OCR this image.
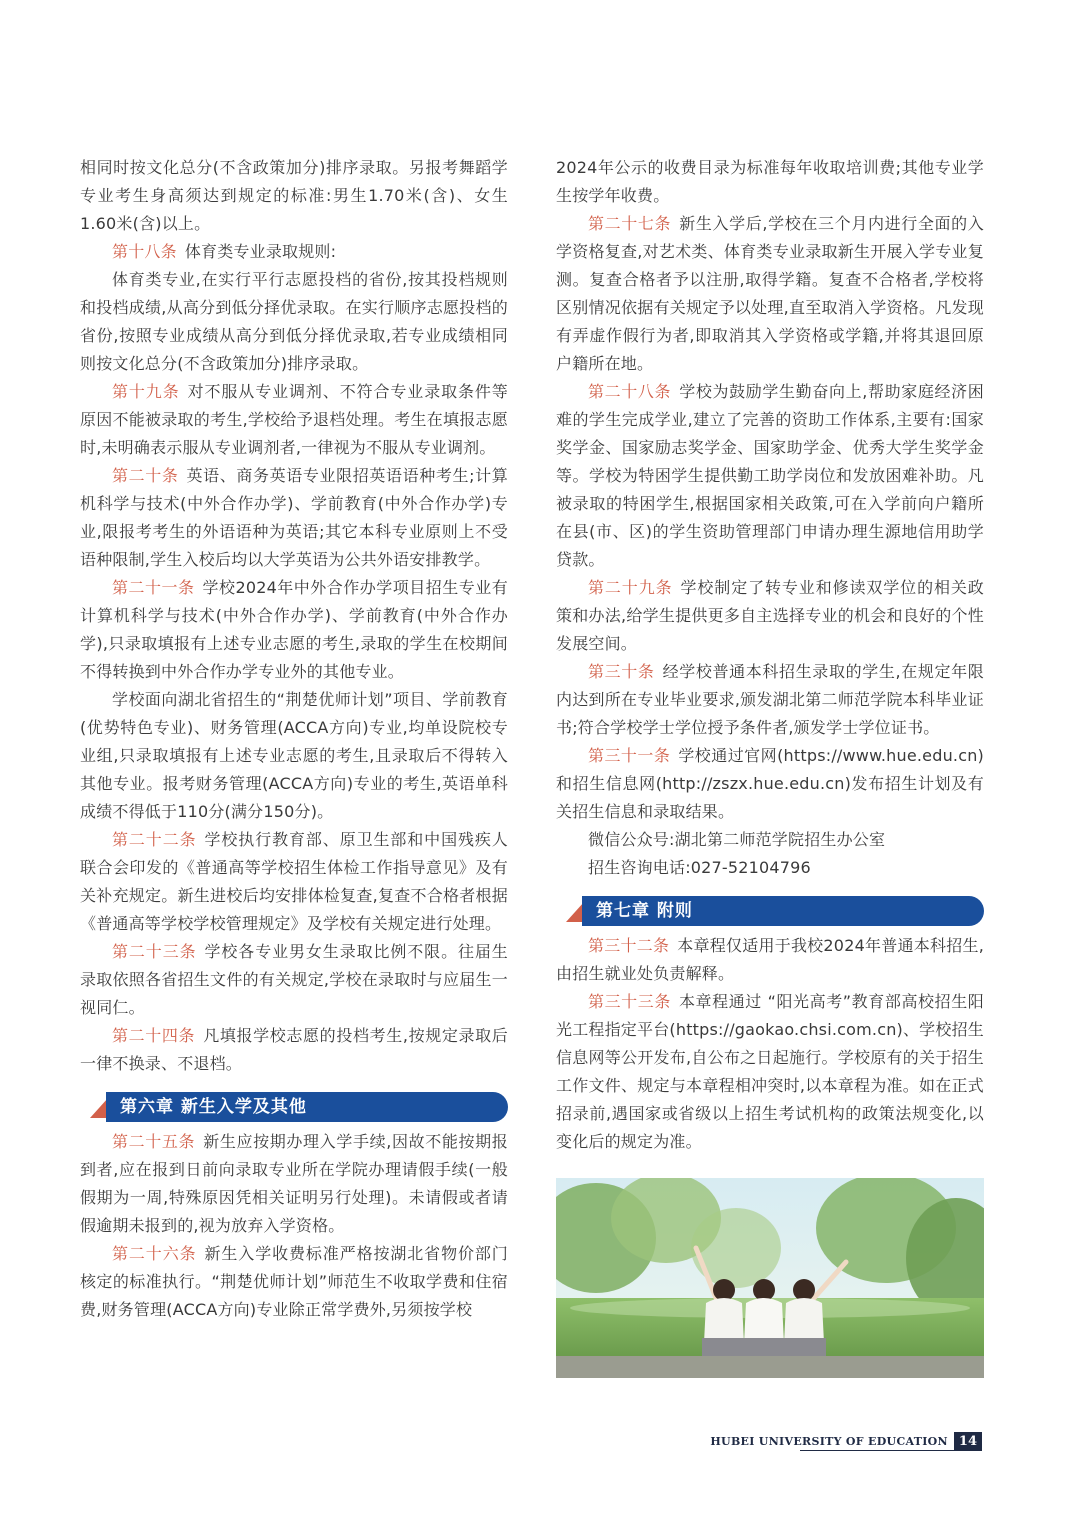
相同时按文化总分(不含政策加分)排序录取。另报考舞蹈学专业考生身高须达到规定的标准:男生1.70米(含)、女生1.60米(含)以上。

第十八条 体育类专业录取规则:

体育类专业,在实行平行志愿投档的省份,按其投档规则和投档成绩,从高分到低分择优录取。在实行顺序志愿投档的省份,按照专业成绩从高分到低分择优录取,若专业成绩相同则按文化总分(不含政策加分)排序录取。

第十九条 对不服从专业调剂、不符合专业录取条件等原因不能被录取的考生,学校给予退档处理。考生在填报志愿时,未明确表示服从专业调剂者,一律视为不服从专业调剂。

第二十条 英语、商务英语专业限招英语语种考生;计算机科学与技术(中外合作办学)、学前教育(中外合作办学)专业,限报考考生的外语语种为英语;其它本科专业原则上不受语种限制,学生入校后均以大学英语为公共外语安排教学。

第二十一条 学校2024年中外合作办学项目招生专业有计算机科学与技术(中外合作办学)、学前教育(中外合作办学),只录取填报有上述专业志愿的考生,录取的学生在校期间不得转换到中外合作办学专业外的其他专业。

学校面向湖北省招生的“荆楚优师计划”项目、学前教育(优势特色专业)、财务管理(ACCA方向)专业,均单设院校专业组,只录取填报有上述专业志愿的考生,且录取后不得转入其他专业。报考财务管理(ACCA方向)专业的考生,英语单科成绩不得低于110分(满分150分)。

第二十二条 学校执行教育部、原卫生部和中国残疾人联合会印发的《普通高等学校招生体检工作指导意见》及有关补充规定。新生进校后均安排体检复查,复查不合格者根据《普通高等学校学校管理规定》及学校有关规定进行处理。

第二十三条 学校各专业男女生录取比例不限。往届生录取依照各省招生文件的有关规定,学校在录取时与应届生一视同仁。

第二十四条 凡填报学校志愿的投档考生,按规定录取后一律不换录、不退档。

第六章 新生入学及其他

第二十五条 新生应按期办理入学手续,因故不能按期报到者,应在报到日前向录取专业所在学院办理请假手续(一般假期为一周,特殊原因凭相关证明另行处理)。未请假或者请假逾期未报到的,视为放弃入学资格。

第二十六条 新生入学收费标准严格按湖北省物价部门核定的标准执行。“荆楚优师计划”师范生不收取学费和住宿费,财务管理(ACCA方向)专业除正常学费外,另须按学校

2024年公示的收费目录为标准每年收取培训费;其他专业学生按学年收费。

第二十七条 新生入学后,学校在三个月内进行全面的入学资格复查,对艺术类、体育类专业录取新生开展入学专业复测。复查合格者予以注册,取得学籍。复查不合格者,学校将区别情况依据有关规定予以处理,直至取消入学资格。凡发现有弄虚作假行为者,即取消其入学资格或学籍,并将其退回原户籍所在地。

第二十八条 学校为鼓励学生勤奋向上,帮助家庭经济困难的学生完成学业,建立了完善的资助工作体系,主要有:国家奖学金、国家励志奖学金、国家助学金、优秀大学生奖学金等。学校为特困学生提供勤工助学岗位和发放困难补助。凡被录取的特困学生,根据国家相关政策,可在入学前向户籍所在县(市、区)的学生资助管理部门申请办理生源地信用助学贷款。

第二十九条 学校制定了转专业和修读双学位的相关政策和办法,给学生提供更多自主选择专业的机会和良好的个性发展空间。

第三十条 经学校普通本科招生录取的学生,在规定年限内达到所在专业毕业要求,颁发湖北第二师范学院本科毕业证书;符合学校学士学位授予条件者,颁发学士学位证书。

第三十一条 学校通过官网(https://www.hue.edu.cn)和招生信息网(http://zszx.hue.edu.cn)发布招生计划及有关招生信息和录取结果。

微信公众号:湖北第二师范学院招生办公室

招生咨询电话:027-52104796

第七章 附则

第三十二条 本章程仅适用于我校2024年普通本科招生,由招生就业处负责解释。

第三十三条 本章程通过 “阳光高考”教育部高校招生阳光工程指定平台(https://gaokao.chsi.com.cn)、学校招生信息网等公开发布,自公布之日起施行。学校原有的关于招生工作文件、规定与本章程相冲突时,以本章程为准。如在正式招录前,遇国家或省级以上招生考试机构的政策法规变化,以变化后的规定为准。

HUBEI UNIVERSITY OF EDUCATION 14
